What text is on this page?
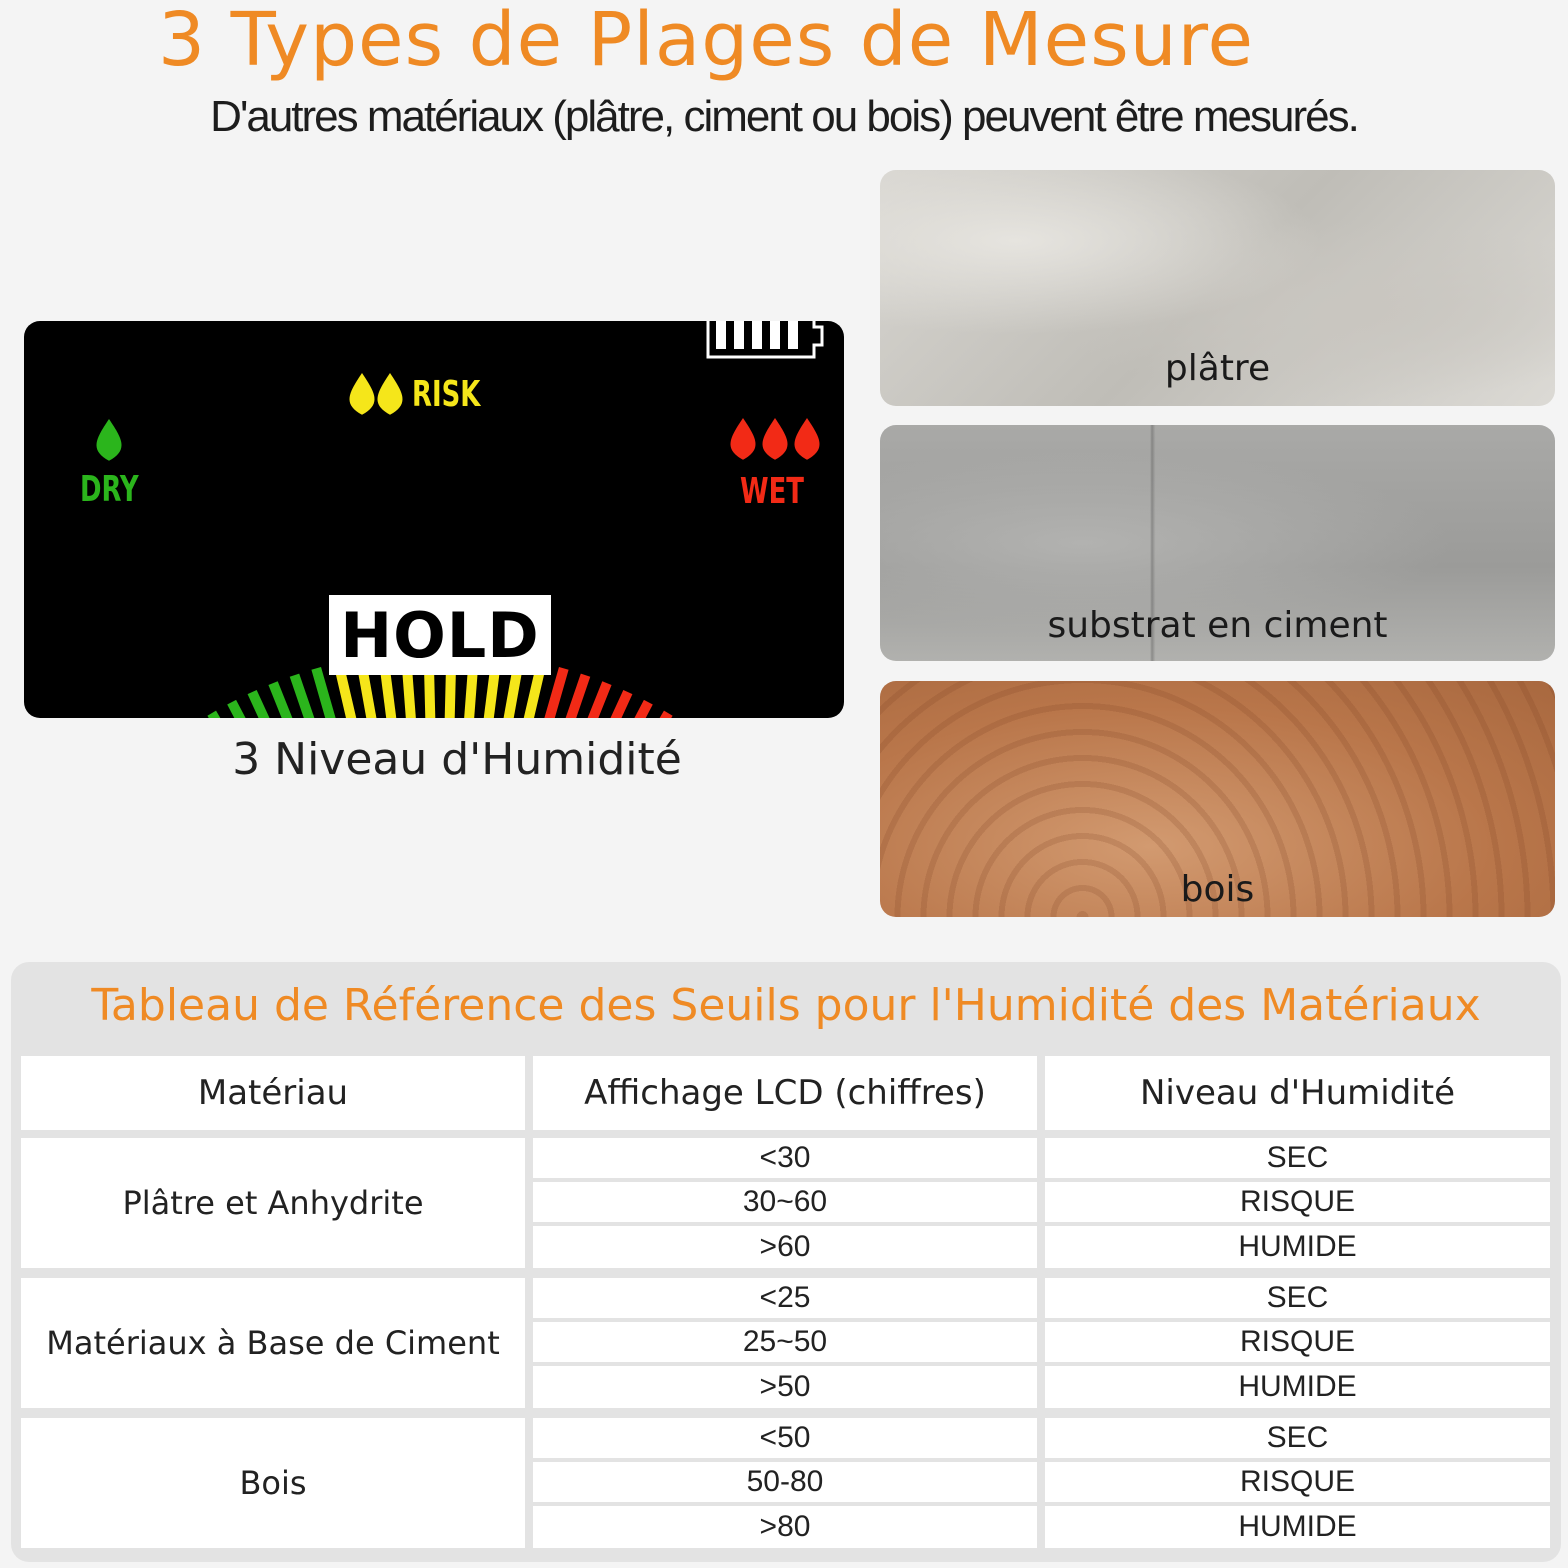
3 Types de Plages de Mesure
D'autres matériaux (plâtre, ciment ou bois) peuvent être mesurés.
DRY
RISK
WET
HOLD
3 Niveau d'Humidité
plâtre
substrat en ciment
bois
Tableau de Référence des Seuils pour l'Humidité des Matériaux
Matériau	Affichage LCD (chiffres)	Niveau d'Humidité
Plâtre et Anhydrite
<30	SEC
30~60	RISQUE
>60	HUMIDE
Matériaux à Base de Ciment
<25	SEC
25~50	RISQUE
>50	HUMIDE
Bois
<50	SEC
50-80	RISQUE
>80	HUMIDE
